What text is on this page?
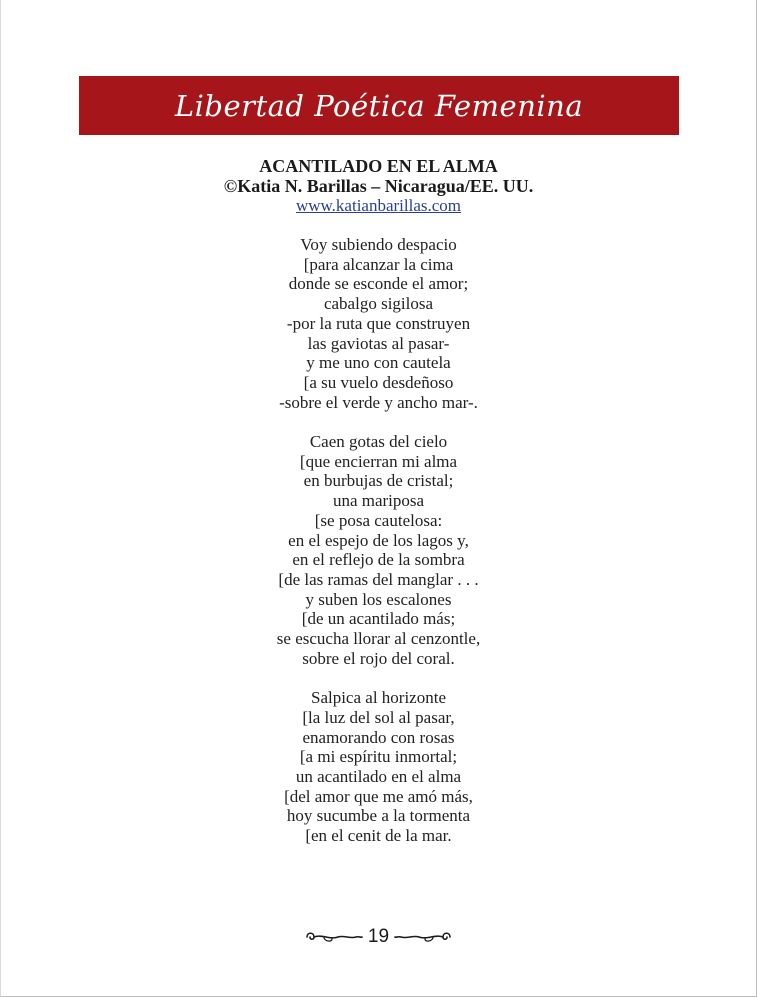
Libertad Poética Femenina
ACANTILADO EN EL ALMA
©Katia N. Barillas – Nicaragua/EE. UU.
www.katianbarillas.com
Voy subiendo despacio
[para alcanzar la cima
donde se esconde el amor;
cabalgo sigilosa
-por la ruta que construyen
las gaviotas al pasar-
y me uno con cautela
[a su vuelo desdeñoso
-sobre el verde y ancho mar-.
Caen gotas del cielo
[que encierran mi alma
en burbujas de cristal;
una mariposa
[se posa cautelosa:
en el espejo de los lagos y,
en el reflejo de la sombra
[de las ramas del manglar . . .
y suben los escalones
[de un acantilado más;
se escucha llorar al cenzontle,
sobre el rojo del coral.
Salpica al horizonte
[la luz del sol al pasar,
enamorando con rosas
[a mi espíritu inmortal;
un acantilado en el alma
[del amor que me amó más,
hoy sucumbe a la tormenta
[en el cenit de la mar.
19
